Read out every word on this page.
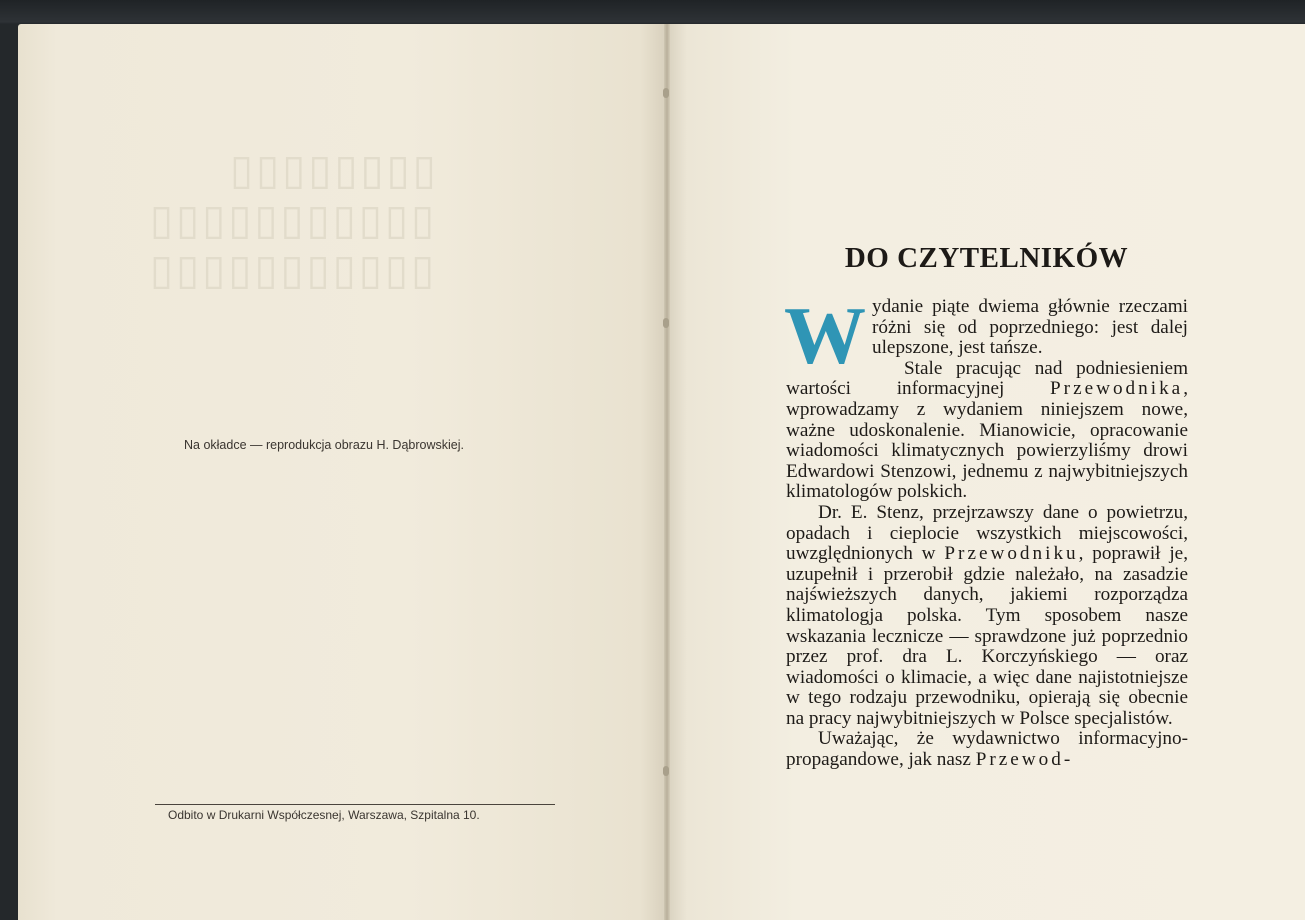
▯▯▯▯▯▯▯▯
▯▯▯▯▯▯▯▯▯▯▯
▯▯▯▯▯▯▯▯▯▯▯
Na okładce — reprodukcja obrazu H. Dąbrowskiej.
Odbito w Drukarni Współczesnej, Warszawa, Szpitalna 10.
DO CZYTELNIKÓW

Wydanie piąte dwiema głównie rzeczami różni się od poprzedniego: jest dalej ulepszone, jest tańsze.

Stale pracując nad podniesieniem wartości informacyjnej Przewodnika, wprowadzamy z wydaniem niniejszem nowe, ważne udoskonalenie. Mianowicie, opracowanie wiadomości klimatycznych powierzyliśmy drowi Edwardowi Stenzowi, jednemu z najwybitniejszych klimatologów polskich.

Dr. E. Stenz, przejrzawszy dane o powietrzu, opadach i cieplocie wszystkich miejscowości, uwzględnionych w Przewodniku, poprawił je, uzupełnił i przerobił gdzie należało, na zasadzie najświeższych danych, jakiemi rozporządza klimatologja polska. Tym sposobem nasze wskazania lecznicze — sprawdzone już poprzednio przez prof. dra L. Korczyńskiego — oraz wiadomości o klimacie, a więc dane najistotniejsze w tego rodzaju przewodniku, opierają się obecnie na pracy najwybitniejszych w Polsce specjalistów.

Uważając, że wydawnictwo informacyjno-propagandowe, jak nasz Przewod-
